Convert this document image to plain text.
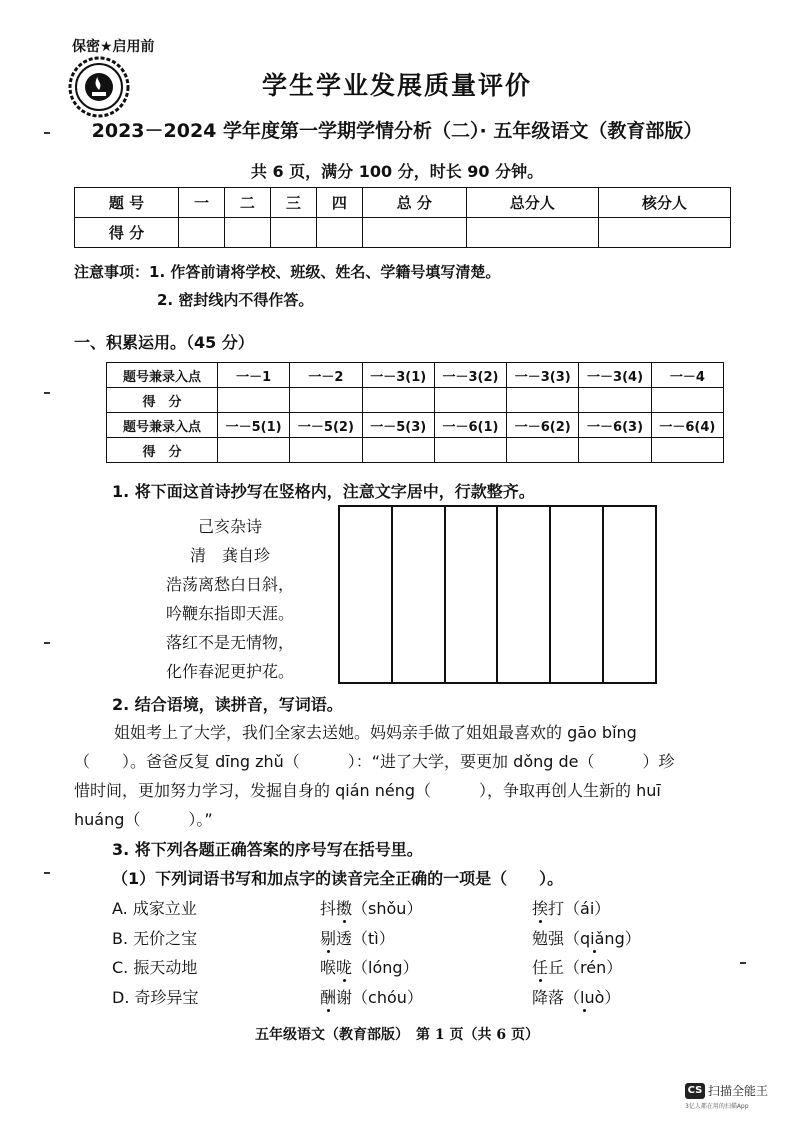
保密★启用前
学生学业发展质量评价
2023－2024 学年度第一学期学情分析（二）· 五年级语文（教育部版）
共 6 页，满分 100 分，时长 90 分钟。
题 号	一	二	三	四	总 分	总分人	核分人
得 分							
注意事项：1. 作答前请将学校、班级、姓名、学籍号填写清楚。
2. 密封线内不得作答。
一、积累运用。（45 分）
题号兼录入点	一－1	一－2	一－3(1)	一－3(2)	一－3(3)	一－3(4)	一－4
得　分							
题号兼录入点	一－5(1)	一－5(2)	一－5(3)	一－6(1)	一－6(2)	一－6(3)	一－6(4)
得　分							
1. 将下面这首诗抄写在竖格内，注意文字居中，行款整齐。
己亥杂诗
清　龚自珍
浩荡离愁白日斜，
吟鞭东指即天涯。
落红不是无情物，
化作春泥更护花。
2. 结合语境，读拼音，写词语。
姐姐考上了大学，我们全家去送她。妈妈亲手做了姐姐最喜欢的 gāo bǐng
（　　）。爸爸反复 dīng zhǔ（　　　）：“进了大学，要更加 dǒng de（　　　）珍
惜时间，更加努力学习，发掘自身的 qián néng（　　　），争取再创人生新的 huī
huáng（　　　）。”
3. 将下列各题正确答案的序号写在括号里。
（1）下列词语书写和加点字的读音完全正确的一项是（　　）。
A. 成家立业	抖擞（shǒu）	挨打（ái）
B. 无价之宝	剔透（tì）	勉强（qiǎng）
C. 振天动地	喉咙（lóng）	任丘（rén）
D. 奇珍异宝	酬谢（chóu）	降落（luò）
五年级语文（教育部版）　第 1 页（共 6 页）
CS 扫描全能王
3亿人都在用的扫描App
